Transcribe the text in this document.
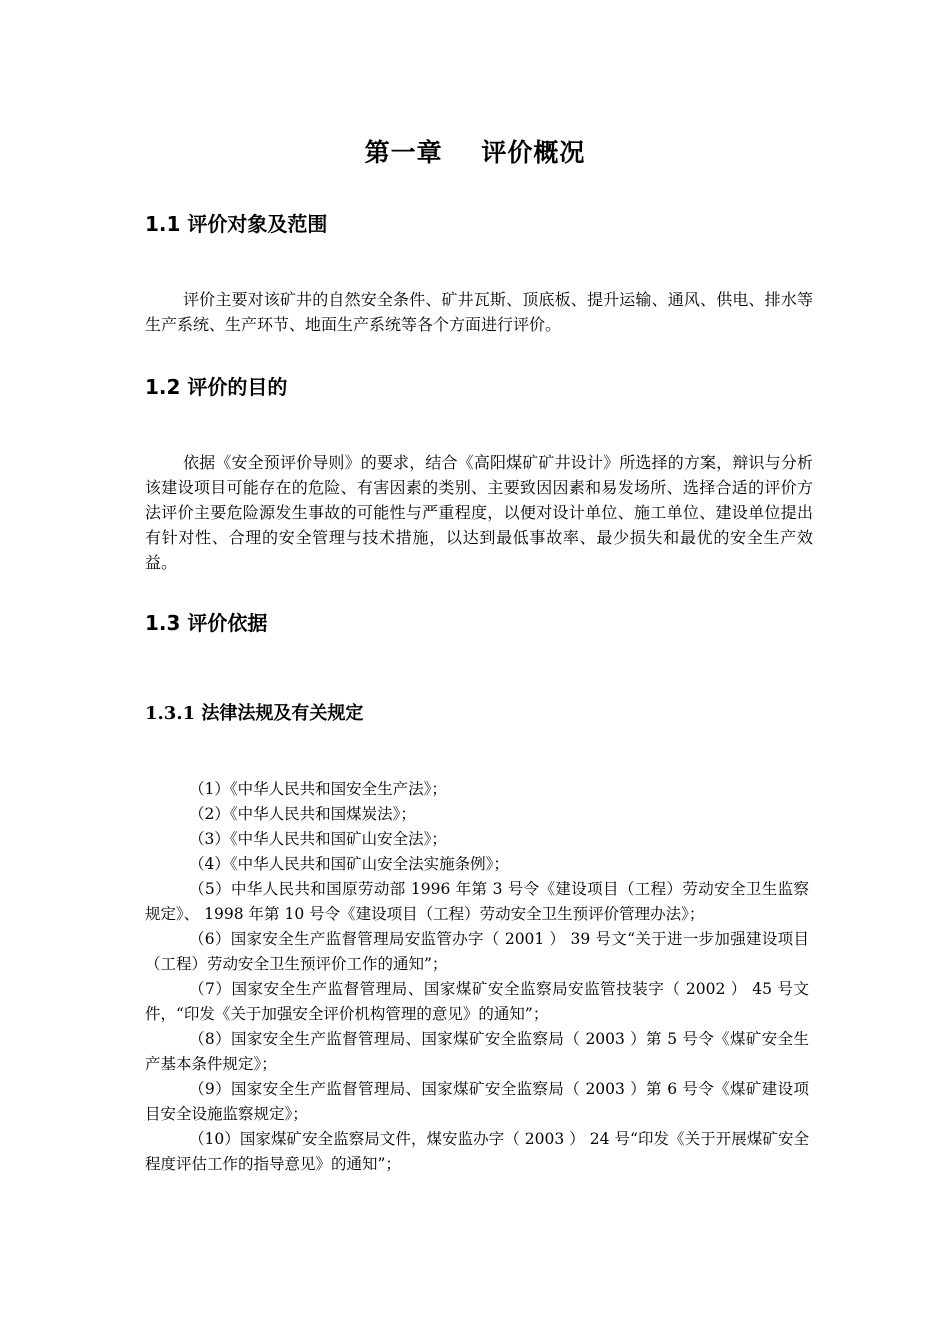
第一章    评价概况
1.1 评价对象及范围
评价主要对该矿井的自然安全条件、矿井瓦斯、顶底板、提升运输、通风、供电、排水等生产系统、生产环节、地面生产系统等各个方面进行评价。
1.2 评价的目的
依据《安全预评价导则》的要求，结合《高阳煤矿矿井设计》所选择的方案，辩识与分析该建设项目可能存在的危险、有害因素的类别、主要致因因素和易发场所、选择合适的评价方法评价主要危险源发生事故的可能性与严重程度，以便对设计单位、施工单位、建设单位提出有针对性、合理的安全管理与技术措施，以达到最低事故率、最少损失和最优的安全生产效益。
1.3 评价依据
1.3.1 法律法规及有关规定

（1）《中华人民共和国安全生产法》；

（2）《中华人民共和国煤炭法》；

（3）《中华人民共和国矿山安全法》；

（4）《中华人民共和国矿山安全法实施条例》；

（5）中华人民共和国原劳动部 1996 年第 3 号令《建设项目（工程）劳动安全卫生监察规定》、 1998 年第 10 号令《建设项目（工程）劳动安全卫生预评价管理办法》；

（6）国家安全生产监督管理局安监管办字（ 2001 ） 39 号文“关于进一步加强建设项目（工程）劳动安全卫生预评价工作的通知”；

（7）国家安全生产监督管理局、国家煤矿安全监察局安监管技装字（ 2002 ） 45 号文件，“印发《关于加强安全评价机构管理的意见》的通知”；

（8）国家安全生产监督管理局、国家煤矿安全监察局（ 2003 ）第 5 号令《煤矿安全生产基本条件规定》；

（9）国家安全生产监督管理局、国家煤矿安全监察局（ 2003 ）第 6 号令《煤矿建设项目安全设施监察规定》；

（10）国家煤矿安全监察局文件，煤安监办字（ 2003 ） 24 号“印发《关于开展煤矿安全程度评估工作的指导意见》的通知”；
